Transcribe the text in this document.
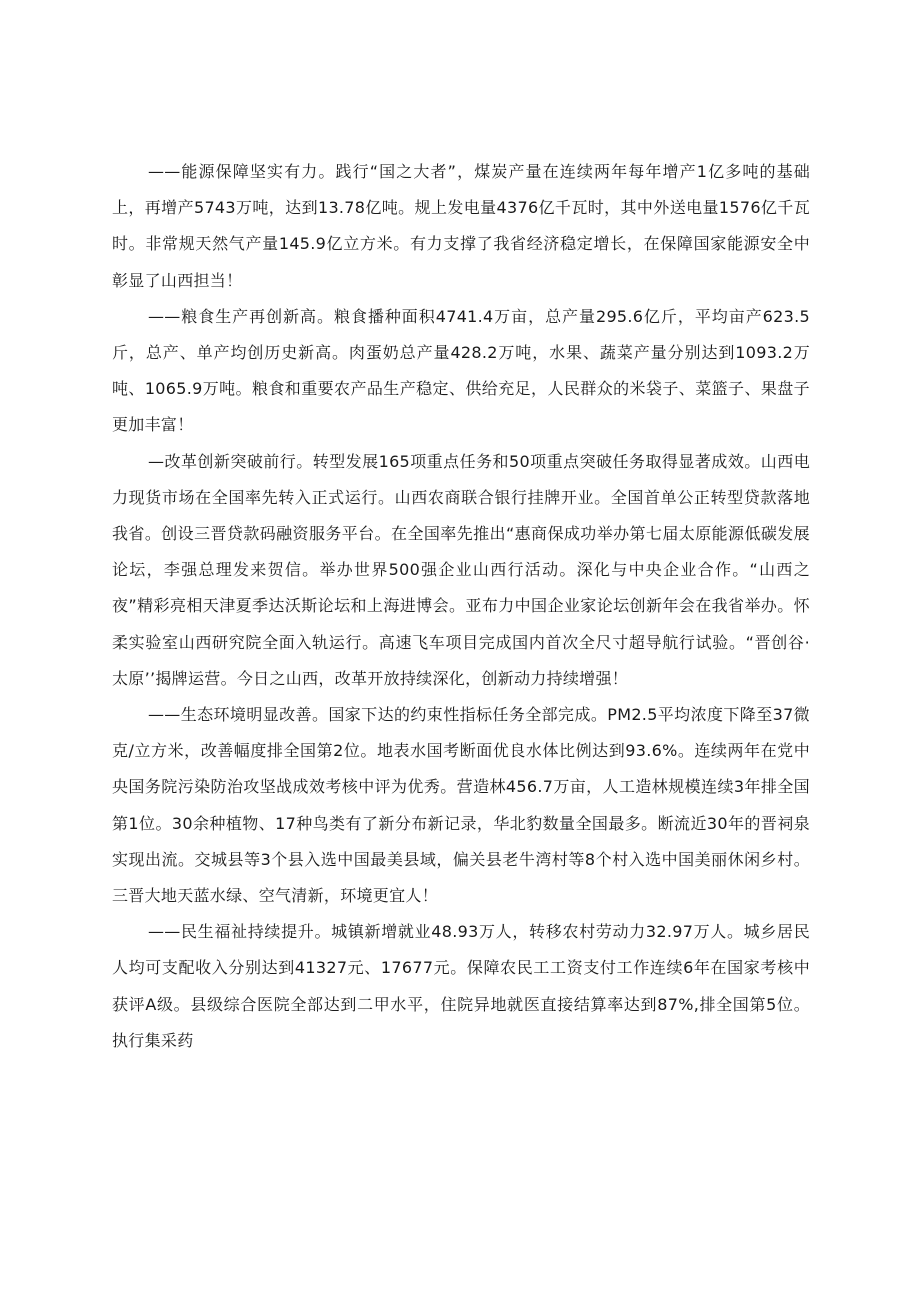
——能源保障坚实有力。践行“国之大者”，煤炭产量在连续两年每年增产1亿多吨的基础上，再增产5743万吨，达到13.78亿吨。规上发电量4376亿千瓦时，其中外送电量1576亿千瓦时。非常规天然气产量145.9亿立方米。有力支撑了我省经济稳定增长，在保障国家能源安全中彰显了山西担当！

——粮食生产再创新高。粮食播种面积4741.4万亩，总产量295.6亿斤，平均亩产623.5斤，总产、单产均创历史新高。肉蛋奶总产量428.2万吨，水果、蔬菜产量分别达到1093.2万吨、1065.9万吨。粮食和重要农产品生产稳定、供给充足，人民群众的米袋子、菜篮子、果盘子更加丰富！

—改革创新突破前行。转型发展165项重点任务和50项重点突破任务取得显著成效。山西电力现货市场在全国率先转入正式运行。山西农商联合银行挂牌开业。全国首单公正转型贷款落地我省。创设三晋贷款码融资服务平台。在全国率先推出“惠商保成功举办第七届太原能源低碳发展论坛，李强总理发来贺信。举办世界500强企业山西行活动。深化与中央企业合作。“山西之夜”精彩亮相天津夏季达沃斯论坛和上海进博会。亚布力中国企业家论坛创新年会在我省举办。怀柔实验室山西研究院全面入轨运行。高速飞车项目完成国内首次全尺寸超导航行试验。“晋创谷·太原’’揭牌运营。今日之山西，改革开放持续深化，创新动力持续增强！

——生态环境明显改善。国家下达的约束性指标任务全部完成。PM2.5平均浓度下降至37微克/立方米，改善幅度排全国第2位。地表水国考断面优良水体比例达到93.6%。连续两年在党中央国务院污染防治攻坚战成效考核中评为优秀。营造林456.7万亩，人工造林规模连续3年排全国第1位。30余种植物、17种鸟类有了新分布新记录，华北豹数量全国最多。断流近30年的晋祠泉实现出流。交城县等3个县入选中国最美县域，偏关县老牛湾村等8个村入选中国美丽休闲乡村。三晋大地天蓝水绿、空气清新，环境更宜人！

——民生福祉持续提升。城镇新增就业48.93万人，转移农村劳动力32.97万人。城乡居民人均可支配收入分别达到41327元、17677元。保障农民工工资支付工作连续6年在国家考核中获评A级。县级综合医院全部达到二甲水平，住院异地就医直接结算率达到87%,排全国第5位。执行集采药
